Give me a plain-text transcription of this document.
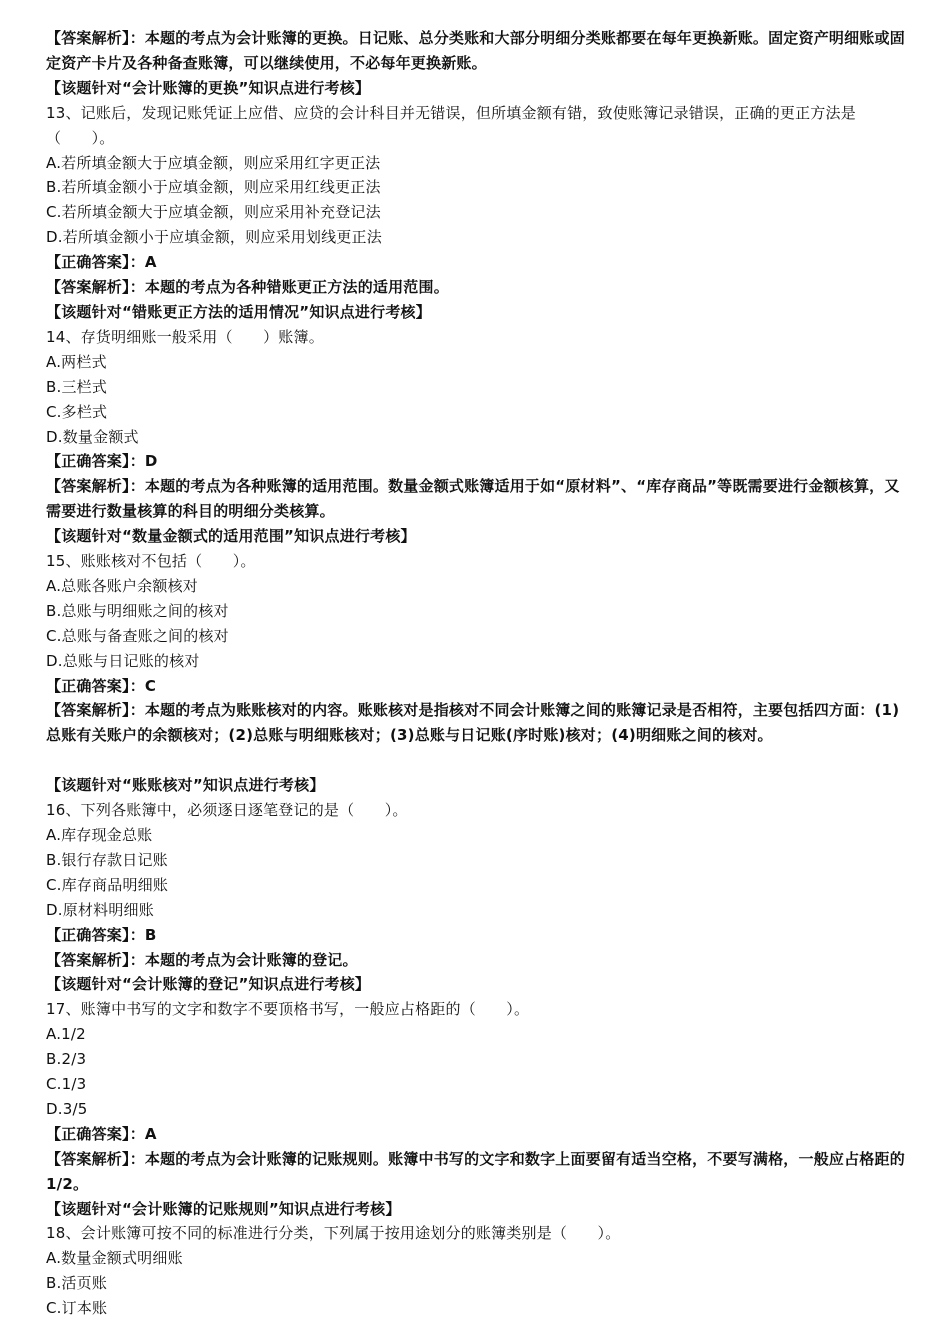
【答案解析】：本题的考点为会计账簿的更换。日记账、总分类账和大部分明细分类账都要在每年更换新账。固定资产明细账或固定资产卡片及各种备查账簿，可以继续使用，不必每年更换新账。

【该题针对“会计账簿的更换”知识点进行考核】

13、记账后，发现记账凭证上应借、应贷的会计科目并无错误，但所填金额有错，致使账簿记录错误，正确的更正方法是（　　）。

A.若所填金额大于应填金额，则应采用红字更正法

B.若所填金额小于应填金额，则应采用红线更正法

C.若所填金额大于应填金额，则应采用补充登记法

D.若所填金额小于应填金额，则应采用划线更正法

【正确答案】：A

【答案解析】：本题的考点为各种错账更正方法的适用范围。

【该题针对“错账更正方法的适用情况”知识点进行考核】

14、存货明细账一般采用（　　）账簿。

A.两栏式

B.三栏式

C.多栏式

D.数量金额式

【正确答案】：D

【答案解析】：本题的考点为各种账簿的适用范围。数量金额式账簿适用于如“原材料”、“库存商品”等既需要进行金额核算，又需要进行数量核算的科目的明细分类核算。

【该题针对“数量金额式的适用范围”知识点进行考核】

15、账账核对不包括（　　）。

A.总账各账户余额核对

B.总账与明细账之间的核对

C.总账与备查账之间的核对

D.总账与日记账的核对

【正确答案】：C

【答案解析】：本题的考点为账账核对的内容。账账核对是指核对不同会计账簿之间的账簿记录是否相符，主要包括四方面：(1)总账有关账户的余额核对；(2)总账与明细账核对；(3)总账与日记账(序时账)核对；(4)明细账之间的核对。

【该题针对“账账核对”知识点进行考核】

16、下列各账簿中，必须逐日逐笔登记的是（　　）。

A.库存现金总账

B.银行存款日记账

C.库存商品明细账

D.原材料明细账

【正确答案】：B

【答案解析】：本题的考点为会计账簿的登记。

【该题针对“会计账簿的登记”知识点进行考核】

17、账簿中书写的文字和数字不要顶格书写，一般应占格距的（　　）。

A.1/2

B.2/3

C.1/3

D.3/5

【正确答案】：A

【答案解析】：本题的考点为会计账簿的记账规则。账簿中书写的文字和数字上面要留有适当空格，不要写满格，一般应占格距的 1/2。

【该题针对“会计账簿的记账规则”知识点进行考核】

18、会计账簿可按不同的标准进行分类，下列属于按用途划分的账簿类别是（　　）。

A.数量金额式明细账

B.活页账

C.订本账
